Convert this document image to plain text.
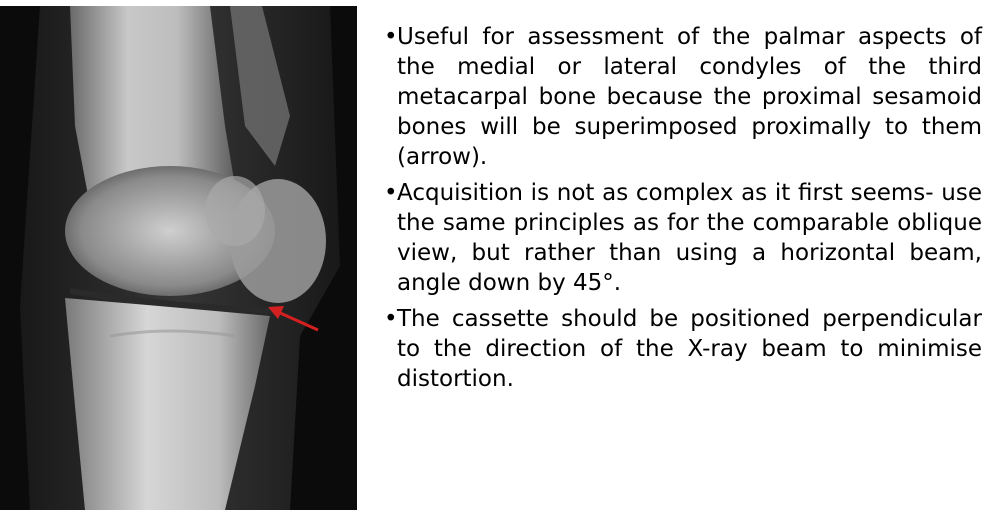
• Useful for assessment of the palmar aspects of the medial or lateral condyles of the third metacarpal bone because the proximal sesamoid bones will be superimposed proximally to them (arrow).
• Acquisition is not as complex as it first seems- use the same principles as for the comparable oblique view, but rather than using a horizontal beam, angle down by 45°.
• The cassette should be positioned perpendicular to the direction of the X-ray beam to minimise distortion.
